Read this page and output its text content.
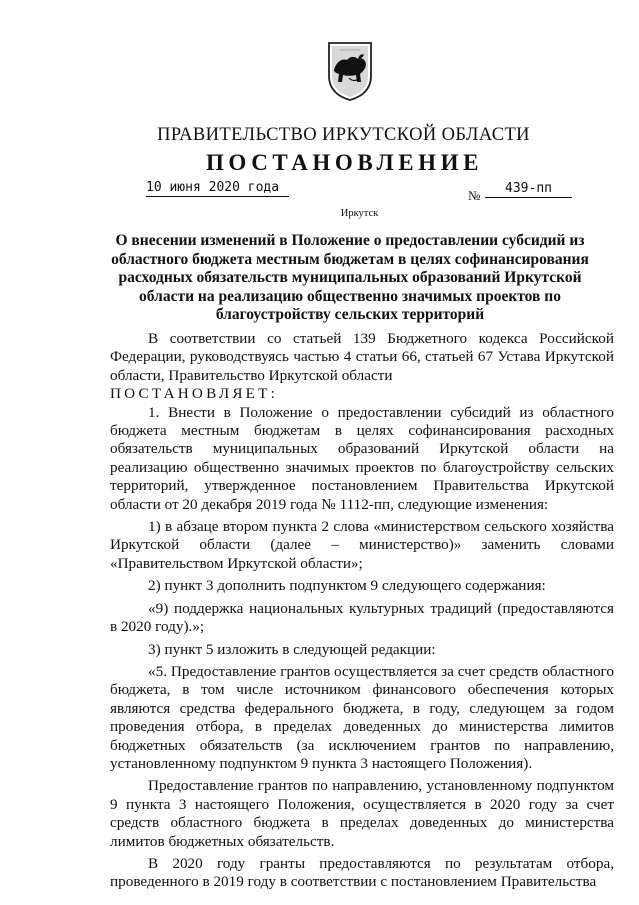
ПРАВИТЕЛЬСТВО ИРКУТСКОЙ ОБЛАСТИ
ПОСТАНОВЛЕНИЕ
10 июня 2020 года
№	439-пп
Иркутск

О внесении изменений в Положение о предоставлении субсидий из областного бюджета местным бюджетам в целях софинансирования расходных обязательств муниципальных образований Иркутской области на реализацию общественно значимых проектов по благоустройству сельских территорий

В соответствии со статьей 139 Бюджетного кодекса Российской Федерации, руководствуясь частью 4 статьи 66, статьей 67 Устава Иркутской области, Правительство Иркутской области

ПОСТАНОВЛЯЕТ:

1. Внести в Положение о предоставлении субсидий из областного бюджета местным бюджетам в целях софинансирования расходных обязательств муниципальных образований Иркутской области на реализацию общественно значимых проектов по благоустройству сельских территорий, утвержденное постановлением Правительства Иркутской области от 20 декабря 2019 года № 1112-пп, следующие изменения:

1) в абзаце втором пункта 2 слова «министерством сельского хозяйства Иркутской области (далее – министерство)» заменить словами «Правительством Иркутской области»;

2) пункт 3 дополнить подпунктом 9 следующего содержания:

«9) поддержка национальных культурных традиций (предоставляются в 2020 году).»;

3) пункт 5 изложить в следующей редакции:

«5. Предоставление грантов осуществляется за счет средств областного бюджета, в том числе источником финансового обеспечения которых являются средства федерального бюджета, в году, следующем за годом проведения отбора, в пределах доведенных до министерства лимитов бюджетных обязательств (за исключением грантов по направлению, установленному подпунктом 9 пункта 3 настоящего Положения).

Предоставление грантов по направлению, установленному подпунктом 9 пункта 3 настоящего Положения, осуществляется в 2020 году за счет средств областного бюджета в пределах доведенных до министерства лимитов бюджетных обязательств.

В 2020 году гранты предоставляются по результатам отбора, проведенного в 2019 году в соответствии с постановлением Правительства
